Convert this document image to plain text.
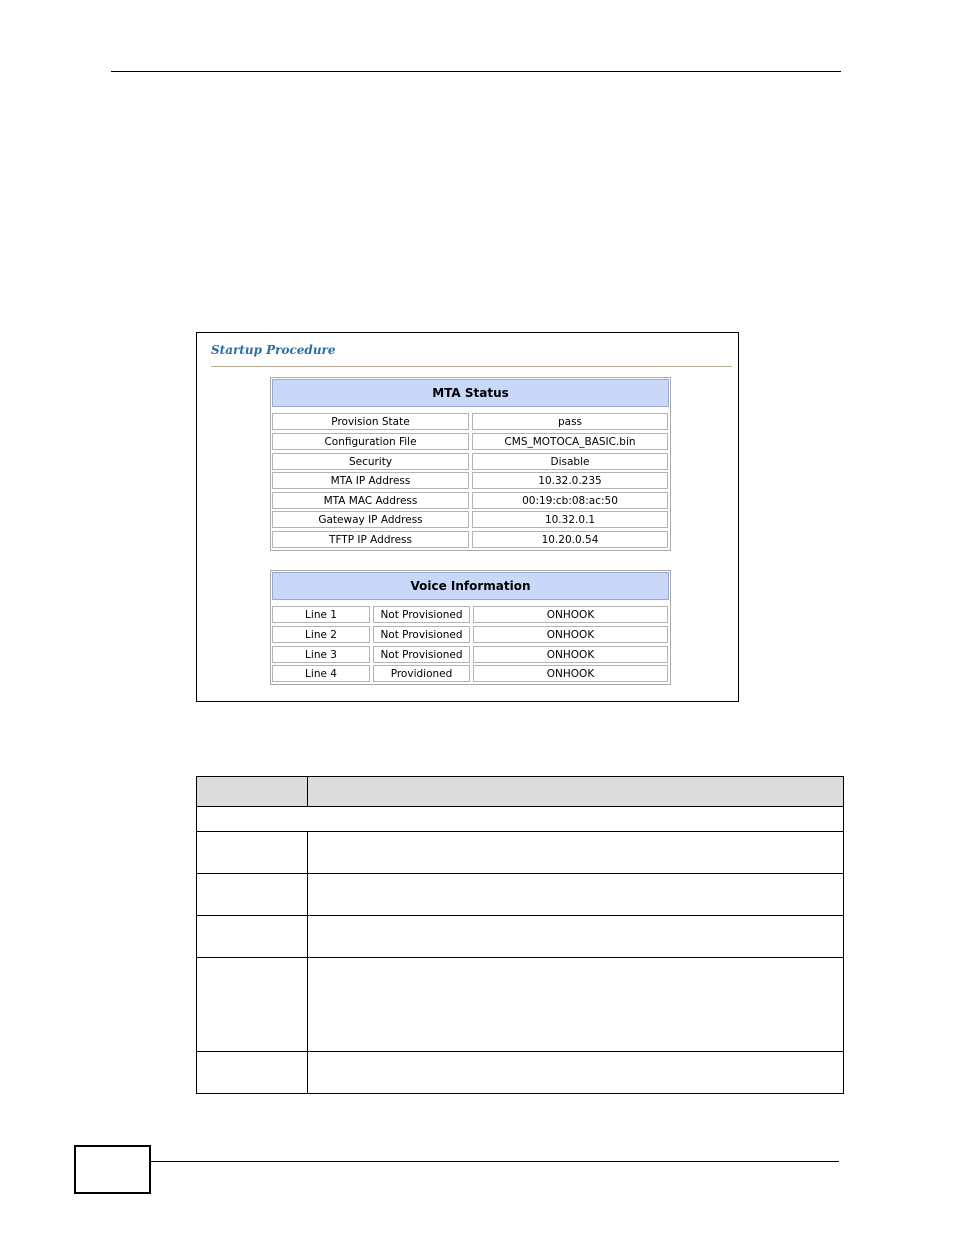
Startup Procedure
MTA Status
Provision State	pass
Configuration File	CMS_MOTOCA_BASIC.bin
Security	Disable
MTA IP Address	10.32.0.235
MTA MAC Address	00:19:cb:08:ac:50
Gateway IP Address	10.32.0.1
TFTP IP Address	10.20.0.54
Voice Information
Line 1	Not Provisioned	ONHOOK
Line 2	Not Provisioned	ONHOOK
Line 3	Not Provisioned	ONHOOK
Line 4	Providioned	ONHOOK
